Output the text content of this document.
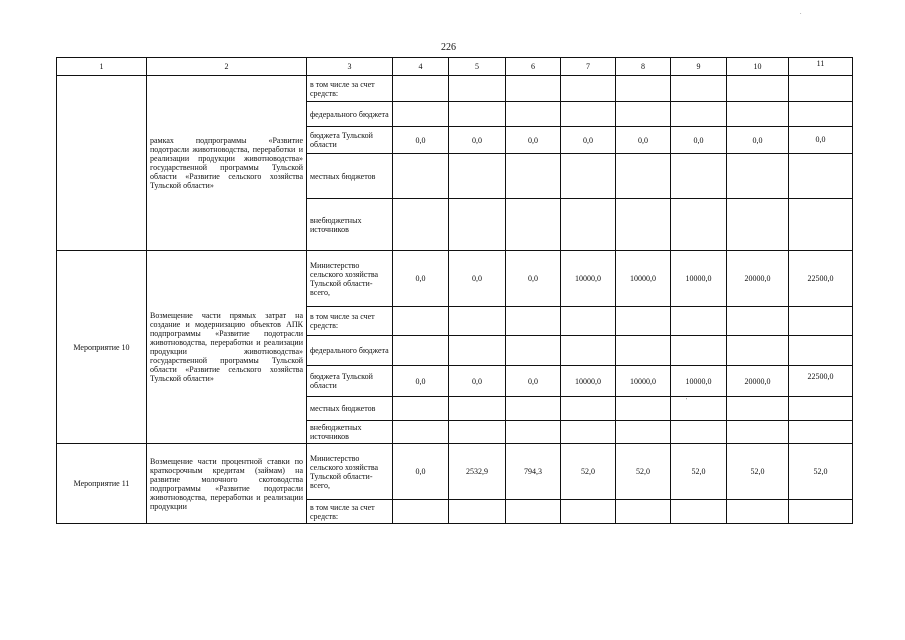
226
1	2	3	4	5	6	7	8	9	10	11
	рамках подпрограммы «Развитие подотрасли животноводства, переработки и реализации продукции животноводства» государственной программы Тульской области «Развитие сельского хозяйства Тульской области»	в том числе за счет средств:								
		федерального бюджета								
		бюджета Тульской области	0,0	0,0	0,0	0,0	0,0	0,0	0,0	0,0
		местных бюджетов								
		внебюджетных источников								
Мероприятие 10	Возмещение части прямых затрат на создание и модернизацию объектов АПК подпрограммы «Развитие подотрасли животноводства, переработки и реализации продукции животноводства» государственной программы Тульской области «Развитие сельского хозяйства Тульской области»	Министерство сельского хозяйства Тульской области-всего,	0,0	0,0	0,0	10000,0	10000,0	10000,0	20000,0	22500,0
		в том числе за счет средств:								
		федерального бюджета								
		бюджета Тульской области	0,0	0,0	0,0	10000,0	10000,0	10000,0	20000,0	22500,0
		местных бюджетов								
		внебюджетных источников								
Мероприятие 11	Возмещение части процентной ставки по краткосрочным кредитам (займам) на развитие молочного скотоводства подпрограммы «Развитие подотрасли животноводства, переработки и реализации продукции	Министерство сельского хозяйства Тульской области-всего,	0,0	2532,9	794,3	52,0	52,0	52,0	52,0	52,0
		в том числе за счет средств:								
.
'
